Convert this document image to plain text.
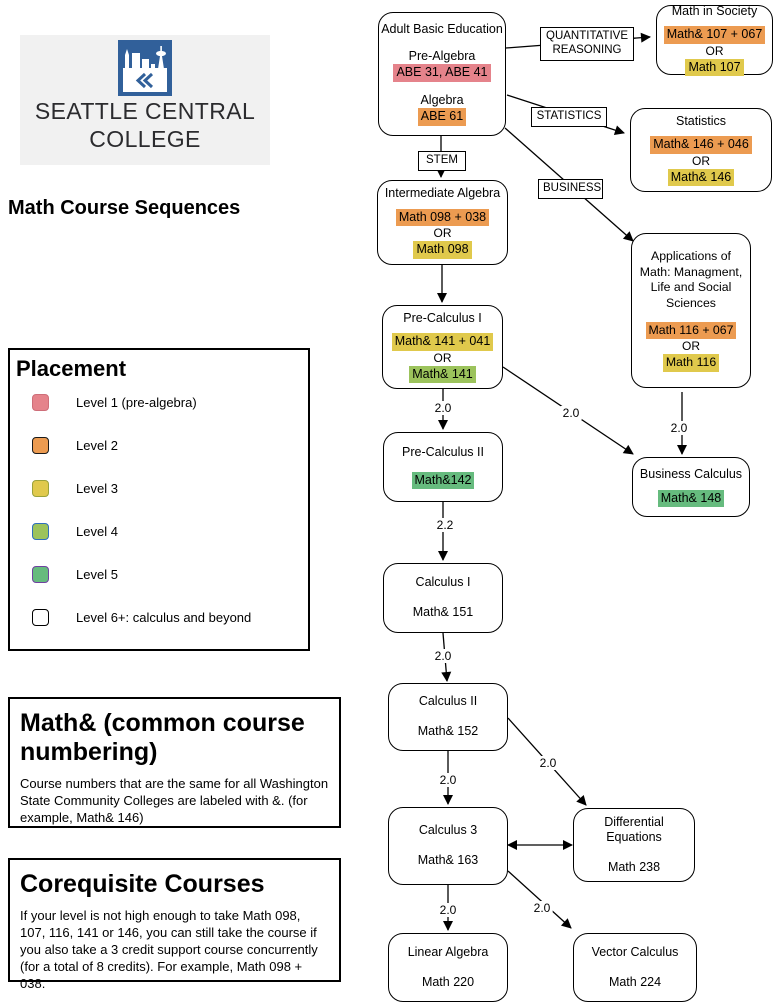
SEATTLE CENTRAL
COLLEGE
Math Course Sequences
Placement
Level 1 (pre-algebra)
Level 2
Level 3
Level 4
Level 5
Level 6+: calculus and beyond
Math& (common course numbering)
Course numbers that are the same for all Washington State Community Colleges are labeled with &. (for example, Math& 146)
Corequisite Courses
If your level is not high enough to take Math 098, 107, 116, 141 or 146, you can still take the course if you also take a 3 credit support course concurrently (for a total of 8 credits). For example, Math 098 + 038.
Adult Basic Education
Pre-Algebra
ABE 31, ABE 41
Algebra
ABE 61
Math in Society
Math& 107 + 067
OR
Math 107
Statistics
Math& 146 + 046
OR
Math& 146
Intermediate Algebra
Math 098 + 038
OR
Math 098
Applications of Math: Managment, Life and Social Sciences
Math 116 + 067
OR
Math 116
Pre-Calculus I
Math& 141 + 041
OR
Math& 141
Pre-Calculus II
Math&142	Business Calculus
Math& 148
Calculus I
Math& 151
Calculus II
Math& 152
Calculus 3
Math& 163
Differential Equations
Math 238
Linear Algebra
Math 220
Vector Calculus
Math 224
QUANTITATIVE
REASONING
STEM
STATISTICS
BUSINESS
2.0	2.0
2.0
2.2
2.0
2.0
2.0
2.0	2.0
